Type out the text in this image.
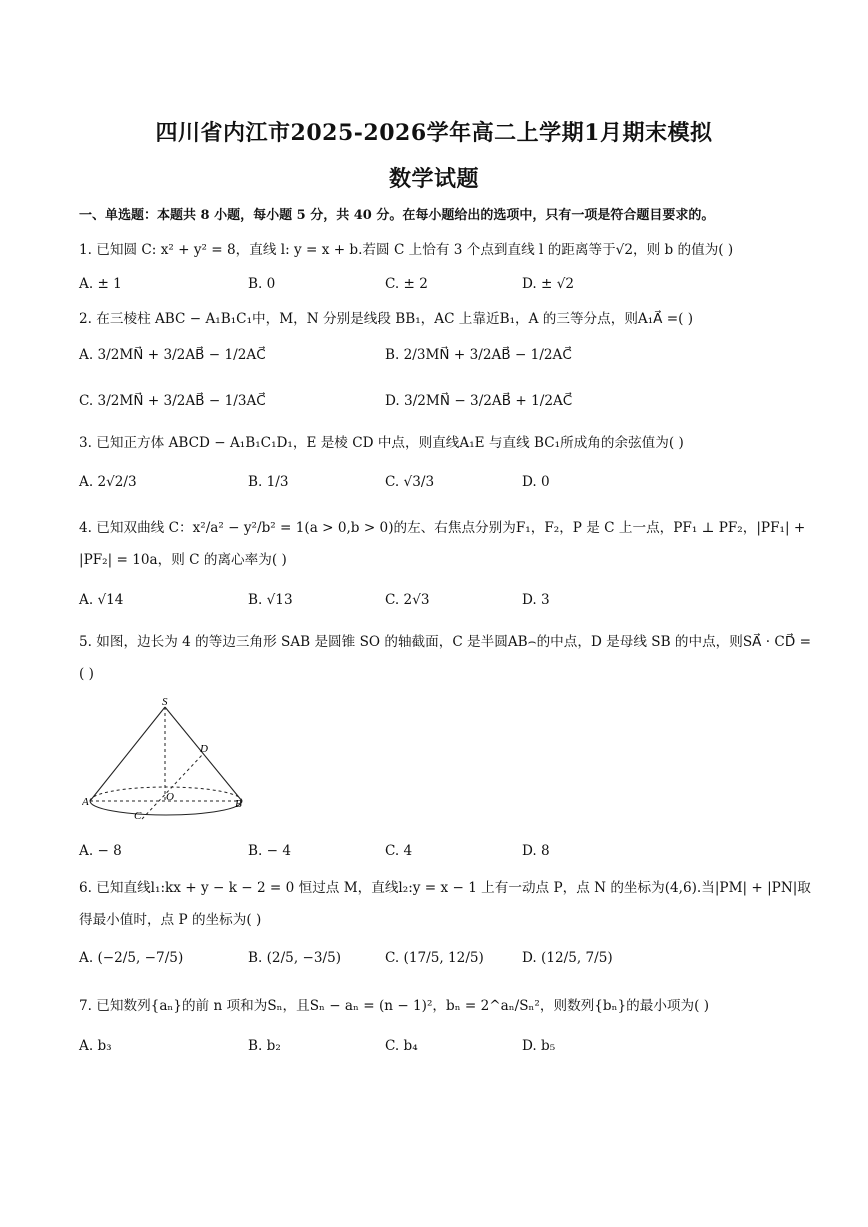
四川省内江市2025-2026学年高二上学期1月期末模拟
数学试题
一、单选题：本题共 8 小题，每小题 5 分，共 40 分。在每小题给出的选项中，只有一项是符合题目要求的。
1. 已知圆 C: x² + y² = 8，直线 l: y = x + b.若圆 C 上恰有 3 个点到直线 l 的距离等于√2，则 b 的值为( )
A. ± 1	B. 0	C. ± 2	D. ± √2
2. 在三棱柱 ABC − A₁B₁C₁中，M，N 分别是线段 BB₁，AC 上靠近B₁，A 的三等分点，则A₁A⃗ =( )
A. 3/2MN⃗ + 3/2AB⃗ − 1/2AC⃗	B. 2/3MN⃗ + 3/2AB⃗ − 1/2AC⃗
C. 3/2MN⃗ + 3/2AB⃗ − 1/3AC⃗	D. 3/2MN⃗ − 3/2AB⃗ + 1/2AC⃗
3. 已知正方体 ABCD − A₁B₁C₁D₁，E 是棱 CD 中点，则直线A₁E 与直线 BC₁所成角的余弦值为( )
A. 2√2/3	B. 1/3	C. √3/3	D. 0
4. 已知双曲线 C：x²/a² − y²/b² = 1(a > 0,b > 0)的左、右焦点分别为F₁，F₂，P 是 C 上一点，PF₁ ⊥ PF₂，|PF₁| + |PF₂| = 10a，则 C 的离心率为( )
A. √14	B. √13	C. 2√3	D. 3
5. 如图，边长为 4 的等边三角形 SAB 是圆锥 SO 的轴截面，C 是半圆AB⌢的中点，D 是母线 SB 的中点，则SA⃗ · CD⃗ =( )
S
D
A	O
B
C
A. − 8	B. − 4	C. 4	D. 8
6. 已知直线l₁:kx + y − k − 2 = 0 恒过点 M，直线l₂:y = x − 1 上有一动点 P，点 N 的坐标为(4,6).当|PM| + |PN|取得最小值时，点 P 的坐标为( )
A. (−2/5, −7/5)	B. (2/5, −3/5)	C. (17/5, 12/5)	D. (12/5, 7/5)
7. 已知数列{aₙ}的前 n 项和为Sₙ，且Sₙ − aₙ = (n − 1)²，bₙ = 2^aₙ/Sₙ²，则数列{bₙ}的最小项为( )
A. b₃	B. b₂	C. b₄	D. b₅
